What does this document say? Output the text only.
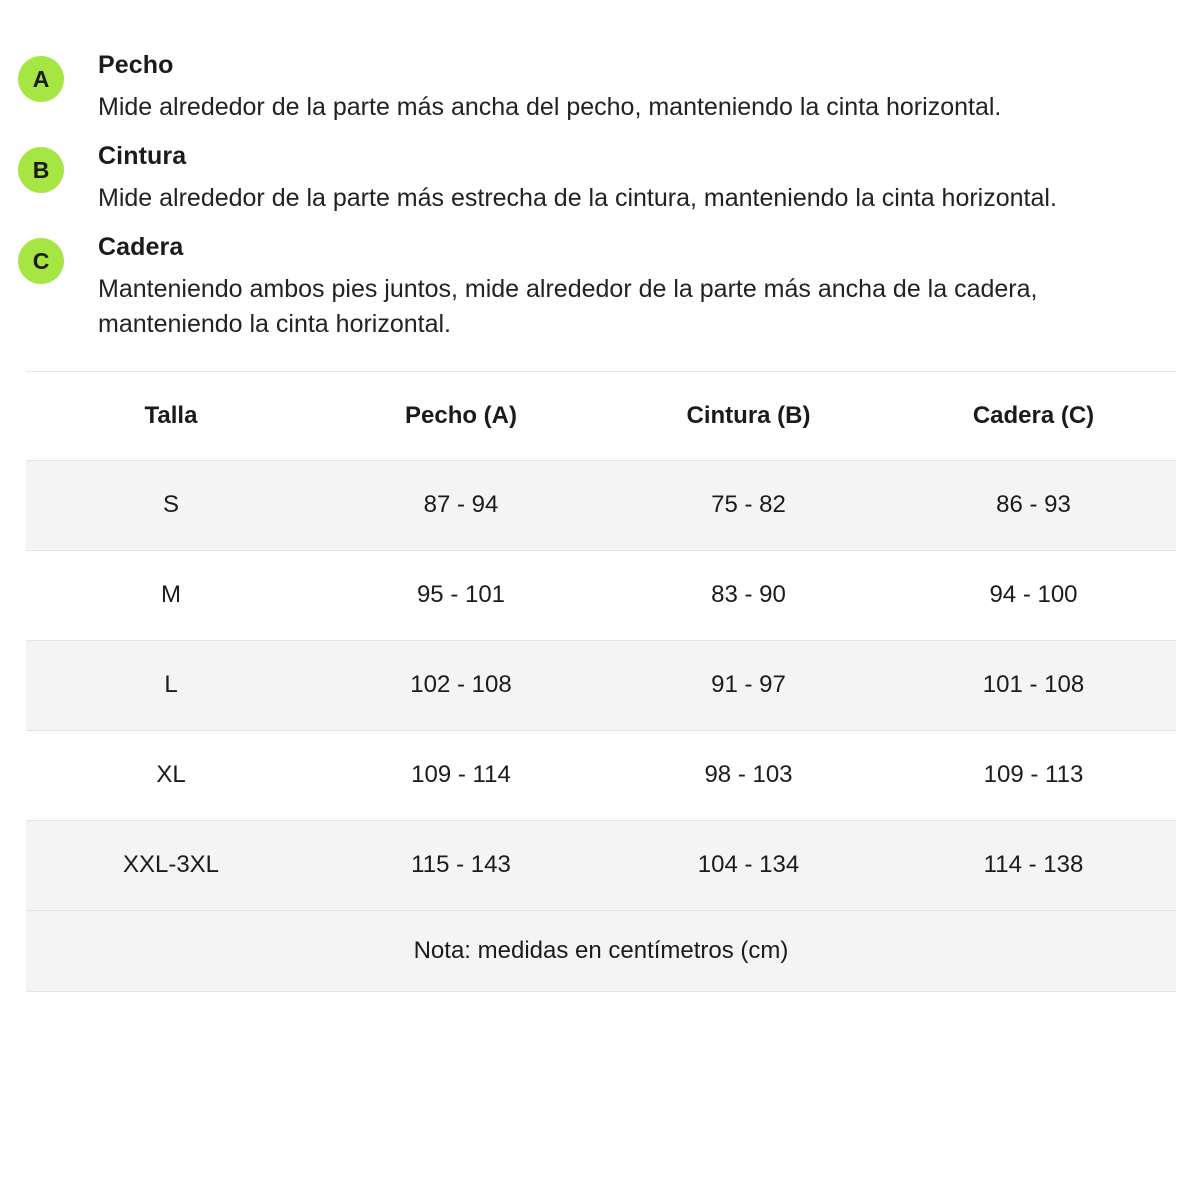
A	Pecho
Mide alrededor de la parte más ancha del pecho, manteniendo la cinta horizontal.
B	Cintura
Mide alrededor de la parte más estrecha de la cintura, manteniendo la cinta horizontal.
C	Cadera
Manteniendo ambos pies juntos, mide alrededor de la parte más ancha de la cadera, manteniendo la cinta horizontal.
Talla	Pecho (A)	Cintura (B)	Cadera (C)
S	87 - 94	75 - 82	86 - 93
M	95 - 101	83 - 90	94 - 100
L	102 - 108	91 - 97	101 - 108
XL	109 - 114	98 - 103	109 - 113
XXL-3XL	115 - 143	104 - 134	114 - 138
Nota: medidas en centímetros (cm)			
